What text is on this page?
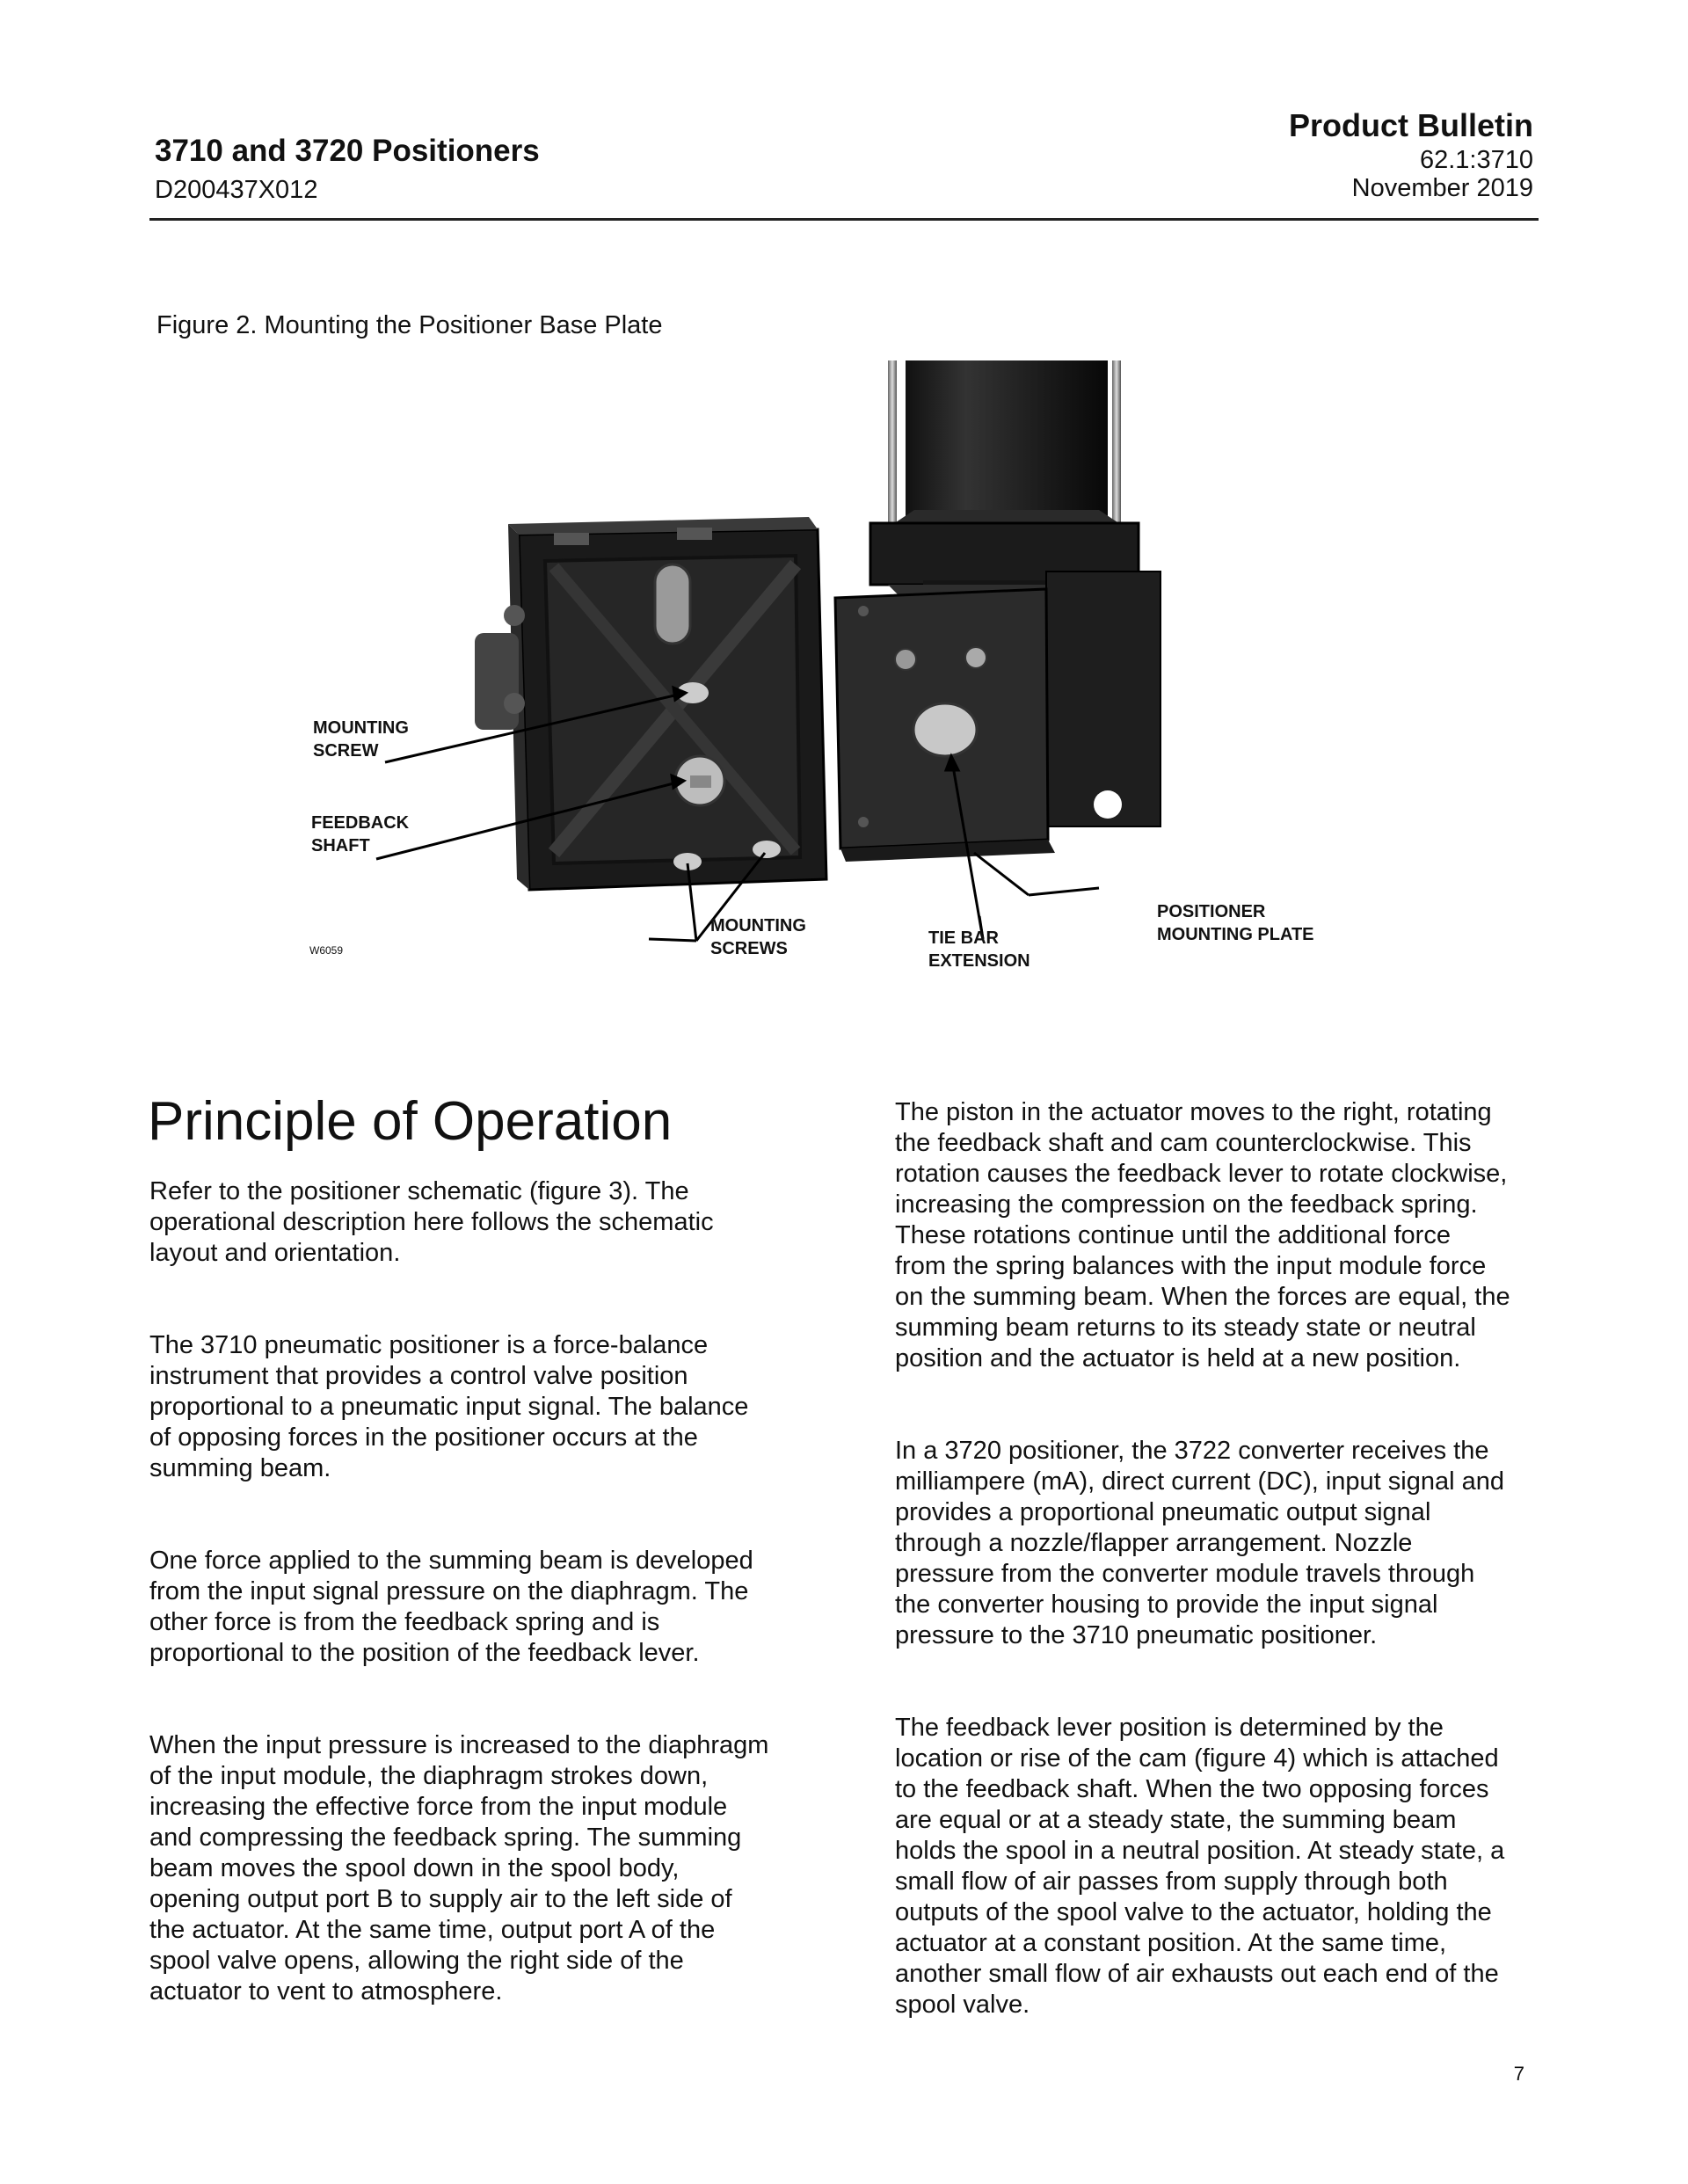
3710 and 3720 Positioners
D200437X012
Product Bulletin
62.1:3710
November 2019
Figure 2. Mounting the Positioner Base Plate
MOUNTING
SCREW
FEEDBACK
SHAFT
MOUNTING
SCREWS
TIE BAR
EXTENSION
POSITIONER
MOUNTING PLATE
W6059
Principle of Operation

Refer to the positioner schematic (figure 3). The
operational description here follows the schematic
layout and orientation.

The 3710 pneumatic positioner is a force-balance
instrument that provides a control valve position
proportional to a pneumatic input signal. The balance
of opposing forces in the positioner occurs at the
summing beam.

One force applied to the summing beam is developed
from the input signal pressure on the diaphragm. The
other force is from the feedback spring and is
proportional to the position of the feedback lever.

When the input pressure is increased to the diaphragm
of the input module, the diaphragm strokes down,
increasing the effective force from the input module
and compressing the feedback spring. The summing
beam moves the spool down in the spool body,
opening output port B to supply air to the left side of
the actuator. At the same time, output port A of the
spool valve opens, allowing the right side of the
actuator to vent to atmosphere.

The piston in the actuator moves to the right, rotating
the feedback shaft and cam counterclockwise. This
rotation causes the feedback lever to rotate clockwise,
increasing the compression on the feedback spring.
These rotations continue until the additional force
from the spring balances with the input module force
on the summing beam. When the forces are equal, the
summing beam returns to its steady state or neutral
position and the actuator is held at a new position.

In a 3720 positioner, the 3722 converter receives the
milliampere (mA), direct current (DC), input signal and
provides a proportional pneumatic output signal
through a nozzle/flapper arrangement. Nozzle
pressure from the converter module travels through
the converter housing to provide the input signal
pressure to the 3710 pneumatic positioner.

The feedback lever position is determined by the
location or rise of the cam (figure 4) which is attached
to the feedback shaft. When the two opposing forces
are equal or at a steady state, the summing beam
holds the spool in a neutral position. At steady state, a
small flow of air passes from supply through both
outputs of the spool valve to the actuator, holding the
actuator at a constant position. At the same time,
another small flow of air exhausts out each end of the
spool valve.

7
